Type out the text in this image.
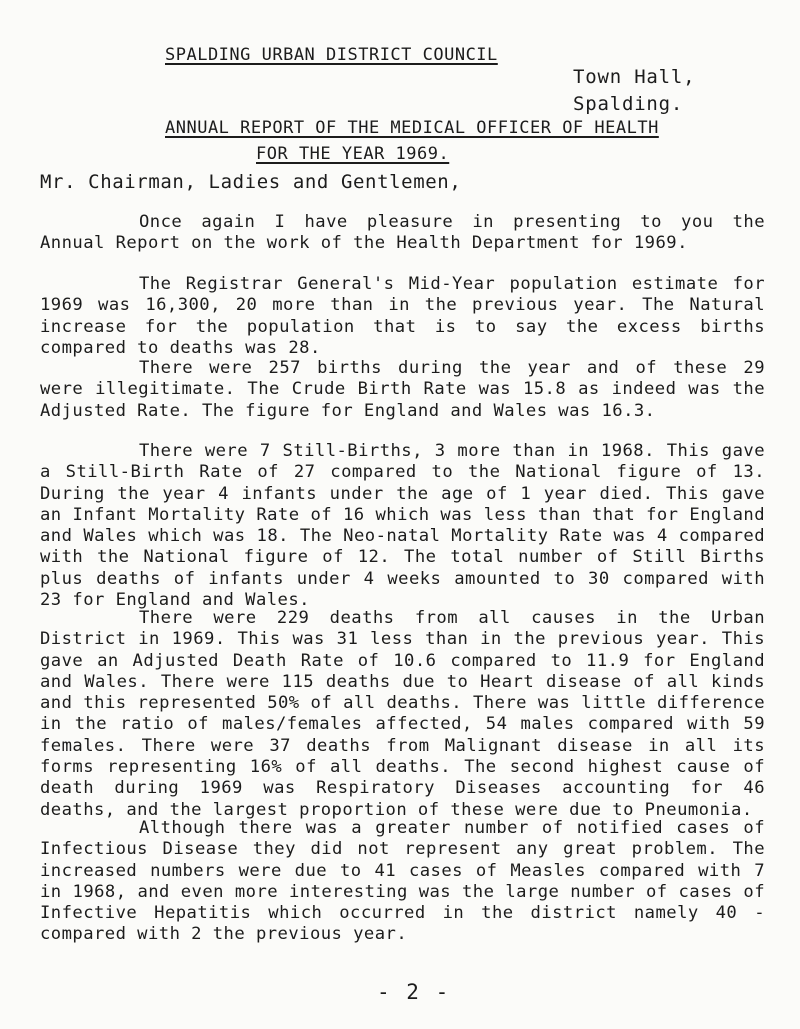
SPALDING URBAN DISTRICT COUNCIL
Town Hall,
Spalding.
ANNUAL REPORT OF THE MEDICAL OFFICER OF HEALTH
FOR THE YEAR 1969.
Mr. Chairman, Ladies and Gentlemen,

Once again I have pleasure in presenting to you the Annual Report on the work of the Health Department for 1969.

The Registrar General's Mid-Year population estimate for 1969 was 16,300, 20 more than in the previous year. The Natural increase for the population that is to say the excess births compared to deaths was 28.

There were 257 births during the year and of these 29 were illegitimate. The Crude Birth Rate was 15.8 as indeed was the Adjusted Rate. The figure for England and Wales was 16.3.

There were 7 Still-Births, 3 more than in 1968. This gave a Still-Birth Rate of 27 compared to the National figure of 13. During the year 4 infants under the age of 1 year died. This gave an Infant Mortality Rate of 16 which was less than that for England and Wales which was 18. The Neo-natal Mortality Rate was 4 compared with the National figure of 12. The total number of Still Births plus deaths of infants under 4 weeks amounted to 30 compared with 23 for England and Wales.

There were 229 deaths from all causes in the Urban District in 1969. This was 31 less than in the previous year. This gave an Adjusted Death Rate of 10.6 compared to 11.9 for England and Wales. There were 115 deaths due to Heart disease of all kinds and this represented 50% of all deaths. There was little difference in the ratio of males/females affected, 54 males compared with 59 females. There were 37 deaths from Malignant disease in all its forms representing 16% of all deaths. The second highest cause of death during 1969 was Respiratory Diseases accounting for 46 deaths, and the largest proportion of these were due to Pneumonia.

Although there was a greater number of notified cases of Infectious Disease they did not represent any great problem. The increased numbers were due to 41 cases of Measles compared with 7 in 1968, and even more interesting was the large number of cases of Infective Hepatitis which occurred in the district namely 40 - compared with 2 the previous year.

- 2 -
